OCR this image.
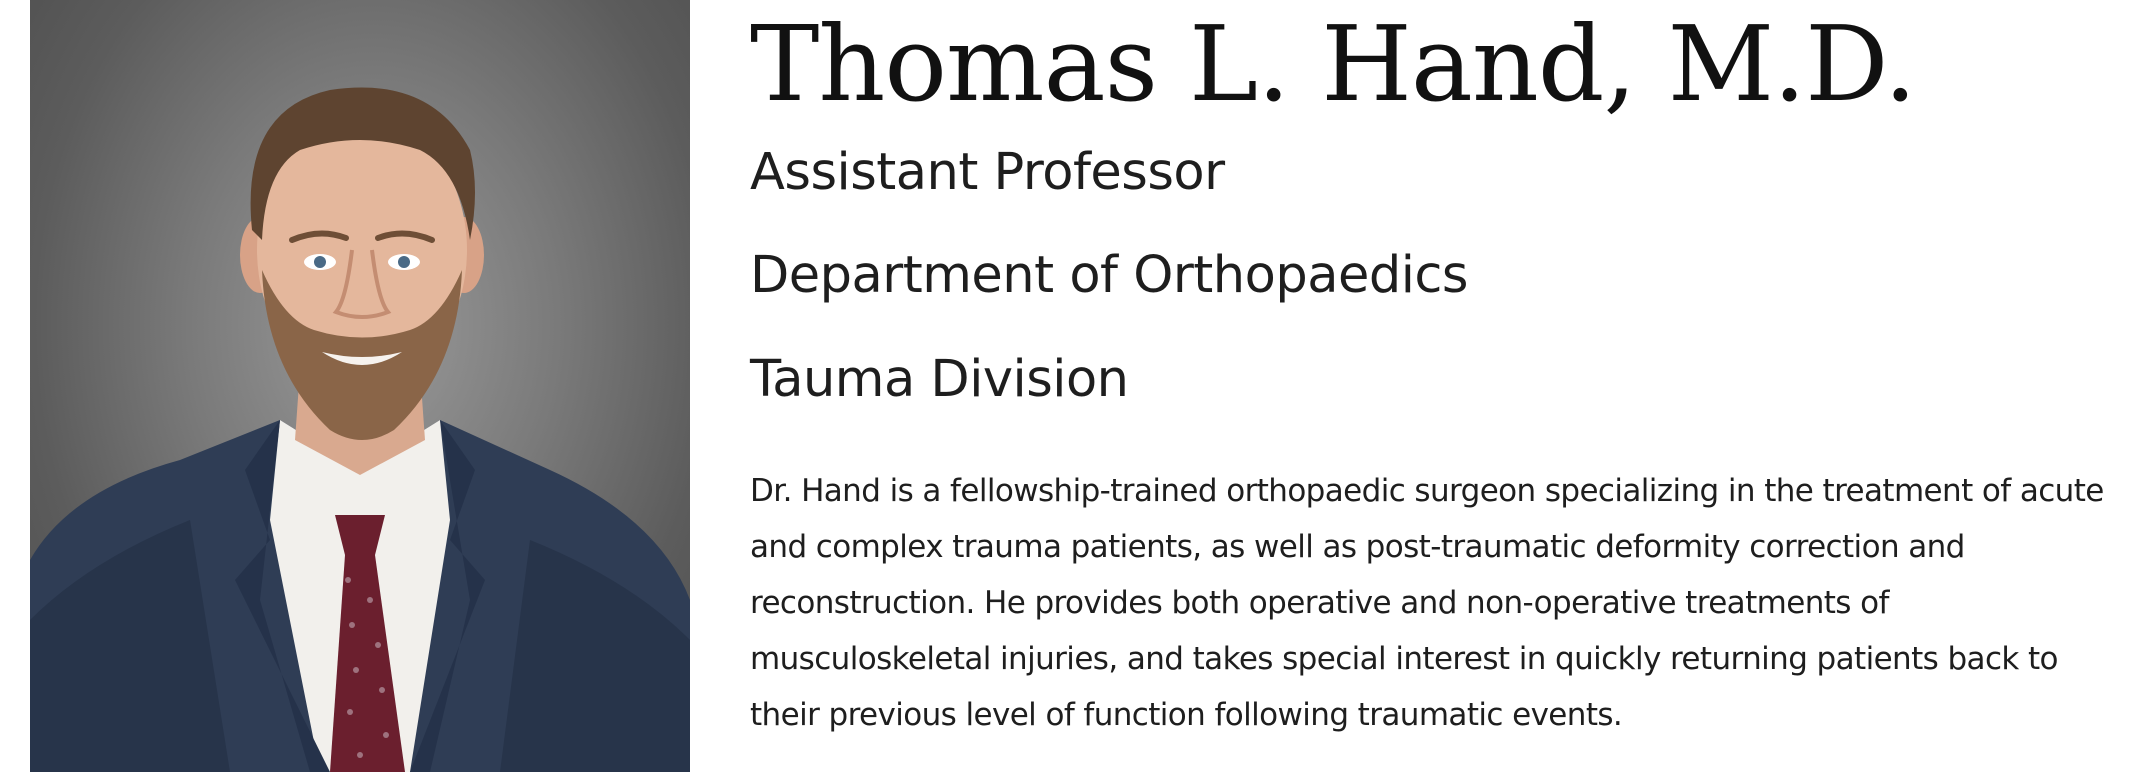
Thomas L. Hand, M.D.

Assistant Professor

Department of Orthopaedics

Tauma Division

Dr. Hand is a fellowship-trained orthopaedic surgeon specializing in the treatment of acute and complex trauma patients, as well as post-traumatic deformity correction and reconstruction. He provides both operative and non-operative treatments of musculoskeletal injuries, and takes special interest in quickly returning patients back to their previous level of function following traumatic events.
